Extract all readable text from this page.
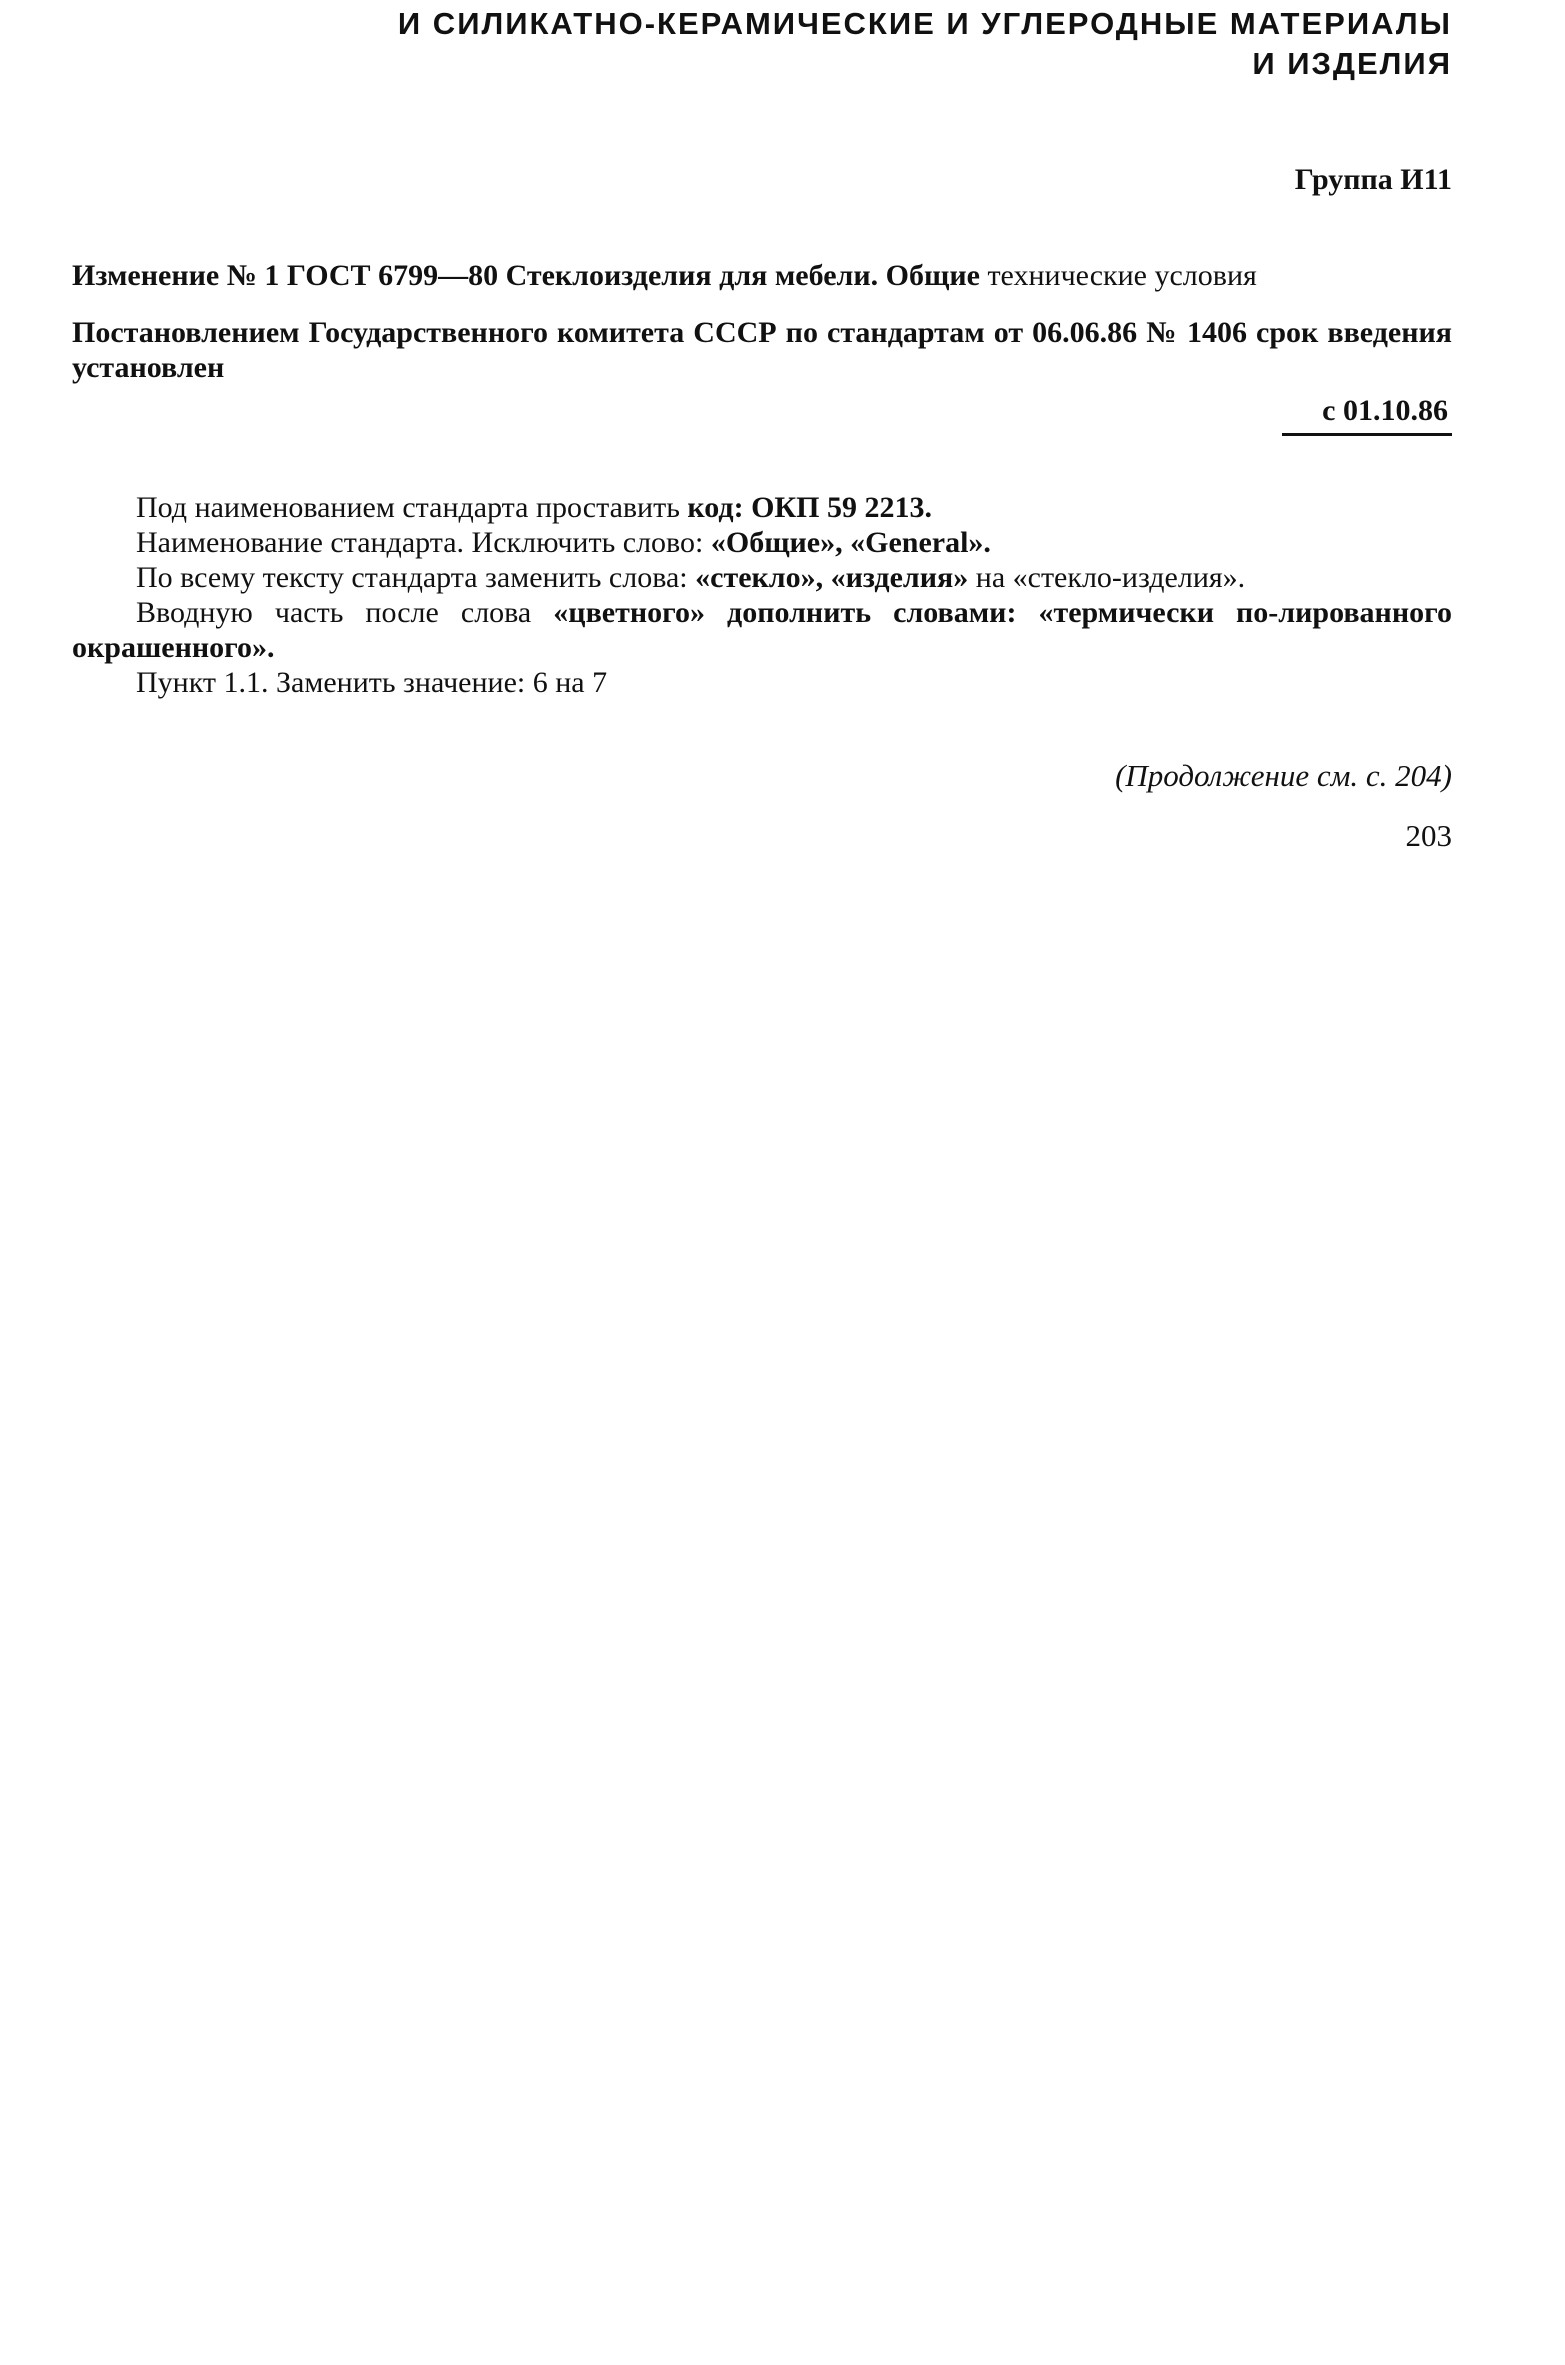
И СИЛИКАТНО-КЕРАМИЧЕСКИЕ И УГЛЕРОДНЫЕ МАТЕРИАЛЫ
И ИЗДЕЛИЯ
Группа И11
Изменение № 1 ГОСТ 6799—80 Стеклоизделия для мебели. Общие технические условия
Постановлением Государственного комитета СССР по стандартам от 06.06.86 № 1406 срок введения установлен
с 01.10.86

Под наименованием стандарта проставить код: ОКП 59 2213.

Наименование стандарта. Исключить слово: «Общие», «General».

По всему тексту стандарта заменить слова: «стекло», «изделия» на «стекло-изделия».

Вводную часть после слова «цветного» дополнить словами: «термически по-лированного окрашенного».

Пункт 1.1. Заменить значение: 6 на 7

(Продолжение см. с. 204)
203
